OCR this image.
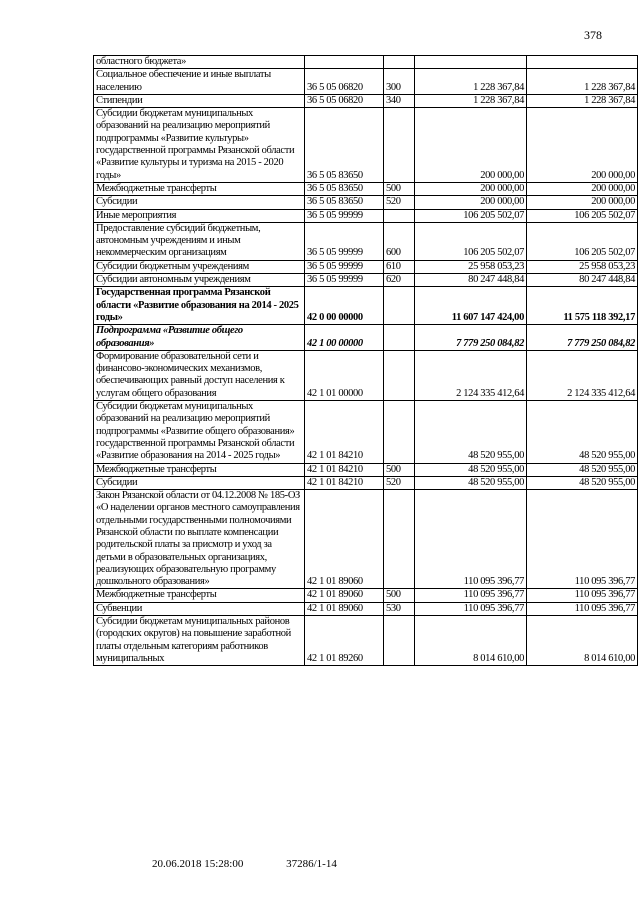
378
областного бюджета»				
Социальное обеспечение и иные выплаты населению	36 5 05 06820	300	1 228 367,84	1 228 367,84
Стипендии	36 5 05 06820	340	1 228 367,84	1 228 367,84
Субсидии бюджетам муниципальных образований на реализацию мероприятий подпрограммы «Развитие культуры» государственной программы Рязанской области «Развитие культуры и туризма на 2015 - 2020 годы»	36 5 05 83650		200 000,00	200 000,00
Межбюджетные трансферты	36 5 05 83650	500	200 000,00	200 000,00
Субсидии	36 5 05 83650	520	200 000,00	200 000,00
Иные мероприятия	36 5 05 99999		106 205 502,07	106 205 502,07
Предоставление субсидий бюджетным, автономным учреждениям и иным некоммерческим организациям	36 5 05 99999	600	106 205 502,07	106 205 502,07
Субсидии бюджетным учреждениям	36 5 05 99999	610	25 958 053,23	25 958 053,23
Субсидии автономным учреждениям	36 5 05 99999	620	80 247 448,84	80 247 448,84
Государственная программа Рязанской области «Развитие образования на 2014 - 2025 годы»	42 0 00 00000		11 607 147 424,00	11 575 118 392,17
Подпрограмма «Развитие общего образования»	42 1 00 00000		7 779 250 084,82	7 779 250 084,82
Формирование образовательной сети и финансово-экономических механизмов, обеспечивающих равный доступ населения к услугам общего образования	42 1 01 00000		2 124 335 412,64	2 124 335 412,64
Субсидии бюджетам муниципальных образований на реализацию мероприятий подпрограммы «Развитие общего образования» государственной программы Рязанской области «Развитие образования на 2014 - 2025 годы»	42 1 01 84210		48 520 955,00	48 520 955,00
Межбюджетные трансферты	42 1 01 84210	500	48 520 955,00	48 520 955,00
Субсидии	42 1 01 84210	520	48 520 955,00	48 520 955,00
Закон Рязанской области от 04.12.2008 № 185-ОЗ «О наделении органов местного самоуправления отдельными государственными полномочиями Рязанской области по выплате компенсации родительской платы за присмотр и уход за детьми в образовательных организациях, реализующих образовательную программу дошкольного образования»	42 1 01 89060		110 095 396,77	110 095 396,77
Межбюджетные трансферты	42 1 01 89060	500	110 095 396,77	110 095 396,77
Субвенции	42 1 01 89060	530	110 095 396,77	110 095 396,77
Субсидии бюджетам муниципальных районов (городских округов) на повышение заработной платы отдельным категориям работников муниципальных	42 1 01 89260		8 014 610,00	8 014 610,00
20.06.2018 15:28:00	37286/1-14
